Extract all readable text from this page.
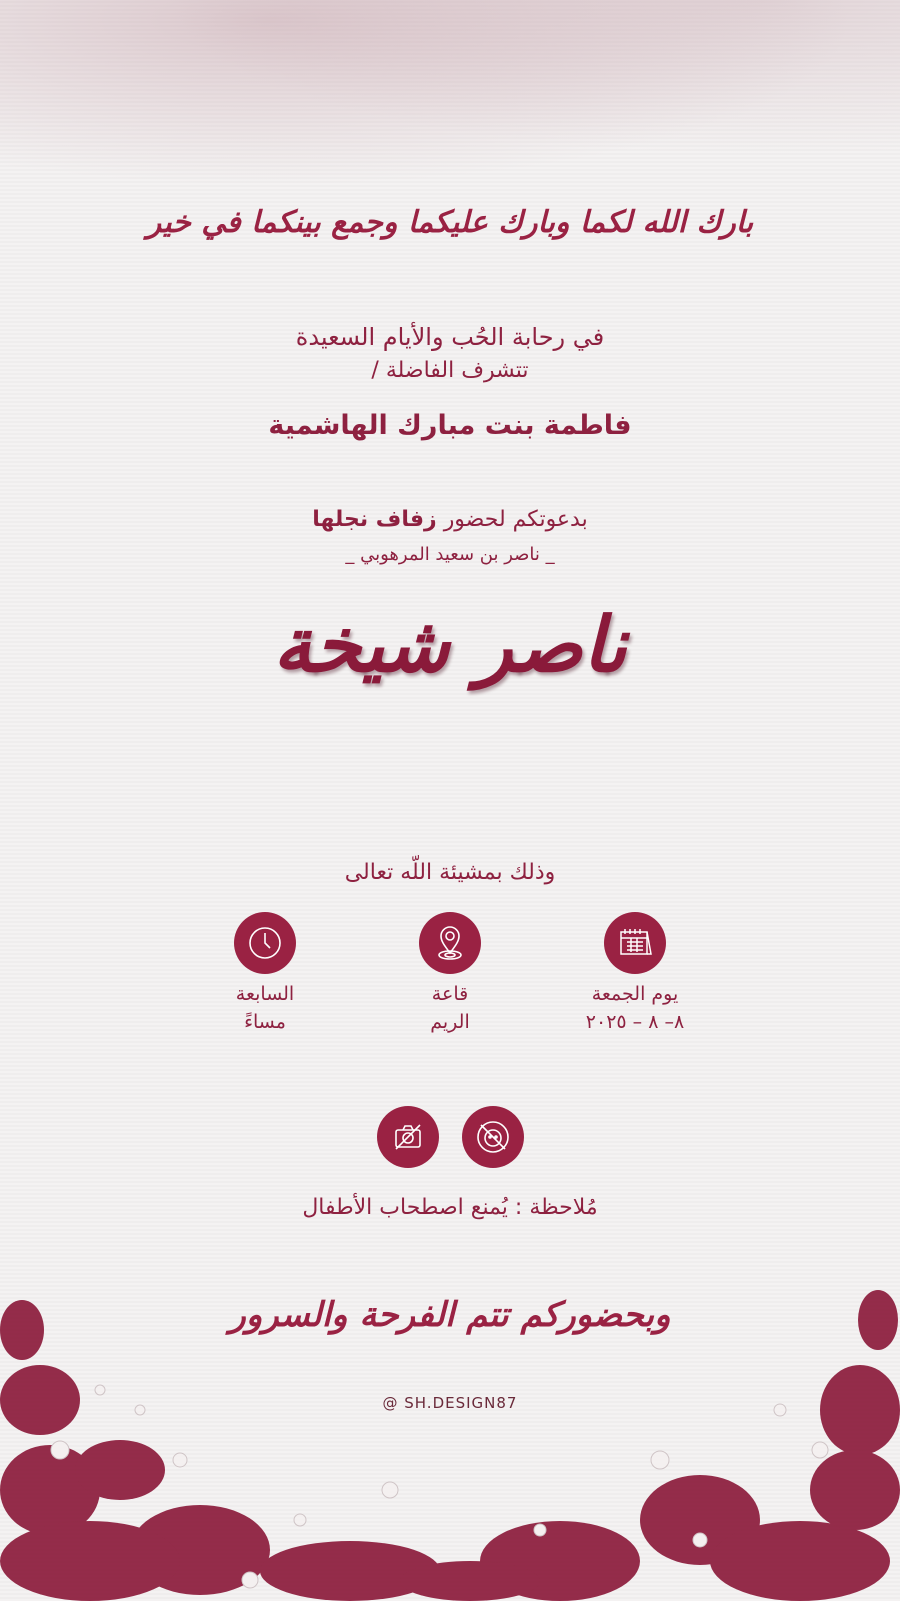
بارك الله لكما وبارك عليكما وجمع بينكما في خير
في رحابة الحُب والأيام السعيدة
تتشرف الفاضلة /
فاطمة بنت مبارك الهاشمية
بدعوتكم لحضور زفاف نجلها
_ ناصر بن سعيد المرهوبي _
ناصر شيخة
وذلك بمشيئة اللّه تعالى
يوم الجمعة
٨– ٨ – ٢٠٢٥
قاعة
الريم
السابعة
مساءً
مُلاحظة : يُمنع اصطحاب الأطفال
وبحضوركم تتم الفرحة والسرور
@ SH.DESIGN87
